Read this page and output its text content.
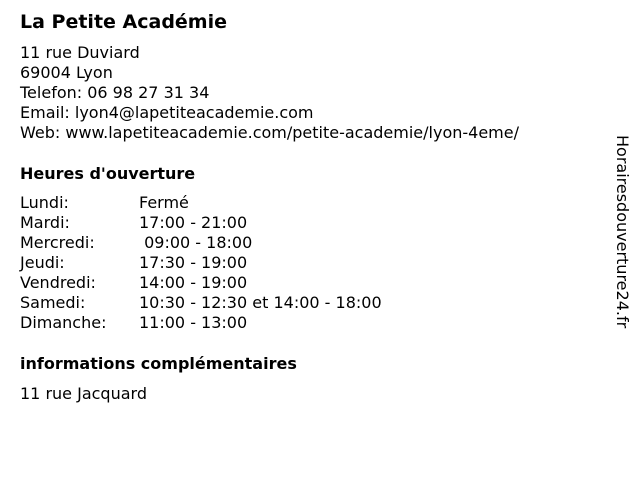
La Petite Académie
11 rue Duviard
69004 Lyon
Telefon: 06 98 27 31 34
Email: lyon4@lapetiteacademie.com
Web: www.lapetiteacademie.com/petite-academie/lyon-4eme/
Heures d'ouverture
Lundi:	Fermé
Mardi:	17:00 - 21:00
Mercredi:	09:00 - 18:00
Jeudi:	17:30 - 19:00
Vendredi:	14:00 - 19:00
Samedi:	10:30 - 12:30 et 14:00 - 18:00
Dimanche:	11:00 - 13:00
informations complémentaires
11 rue Jacquard
Horairesdouverture24.fr
